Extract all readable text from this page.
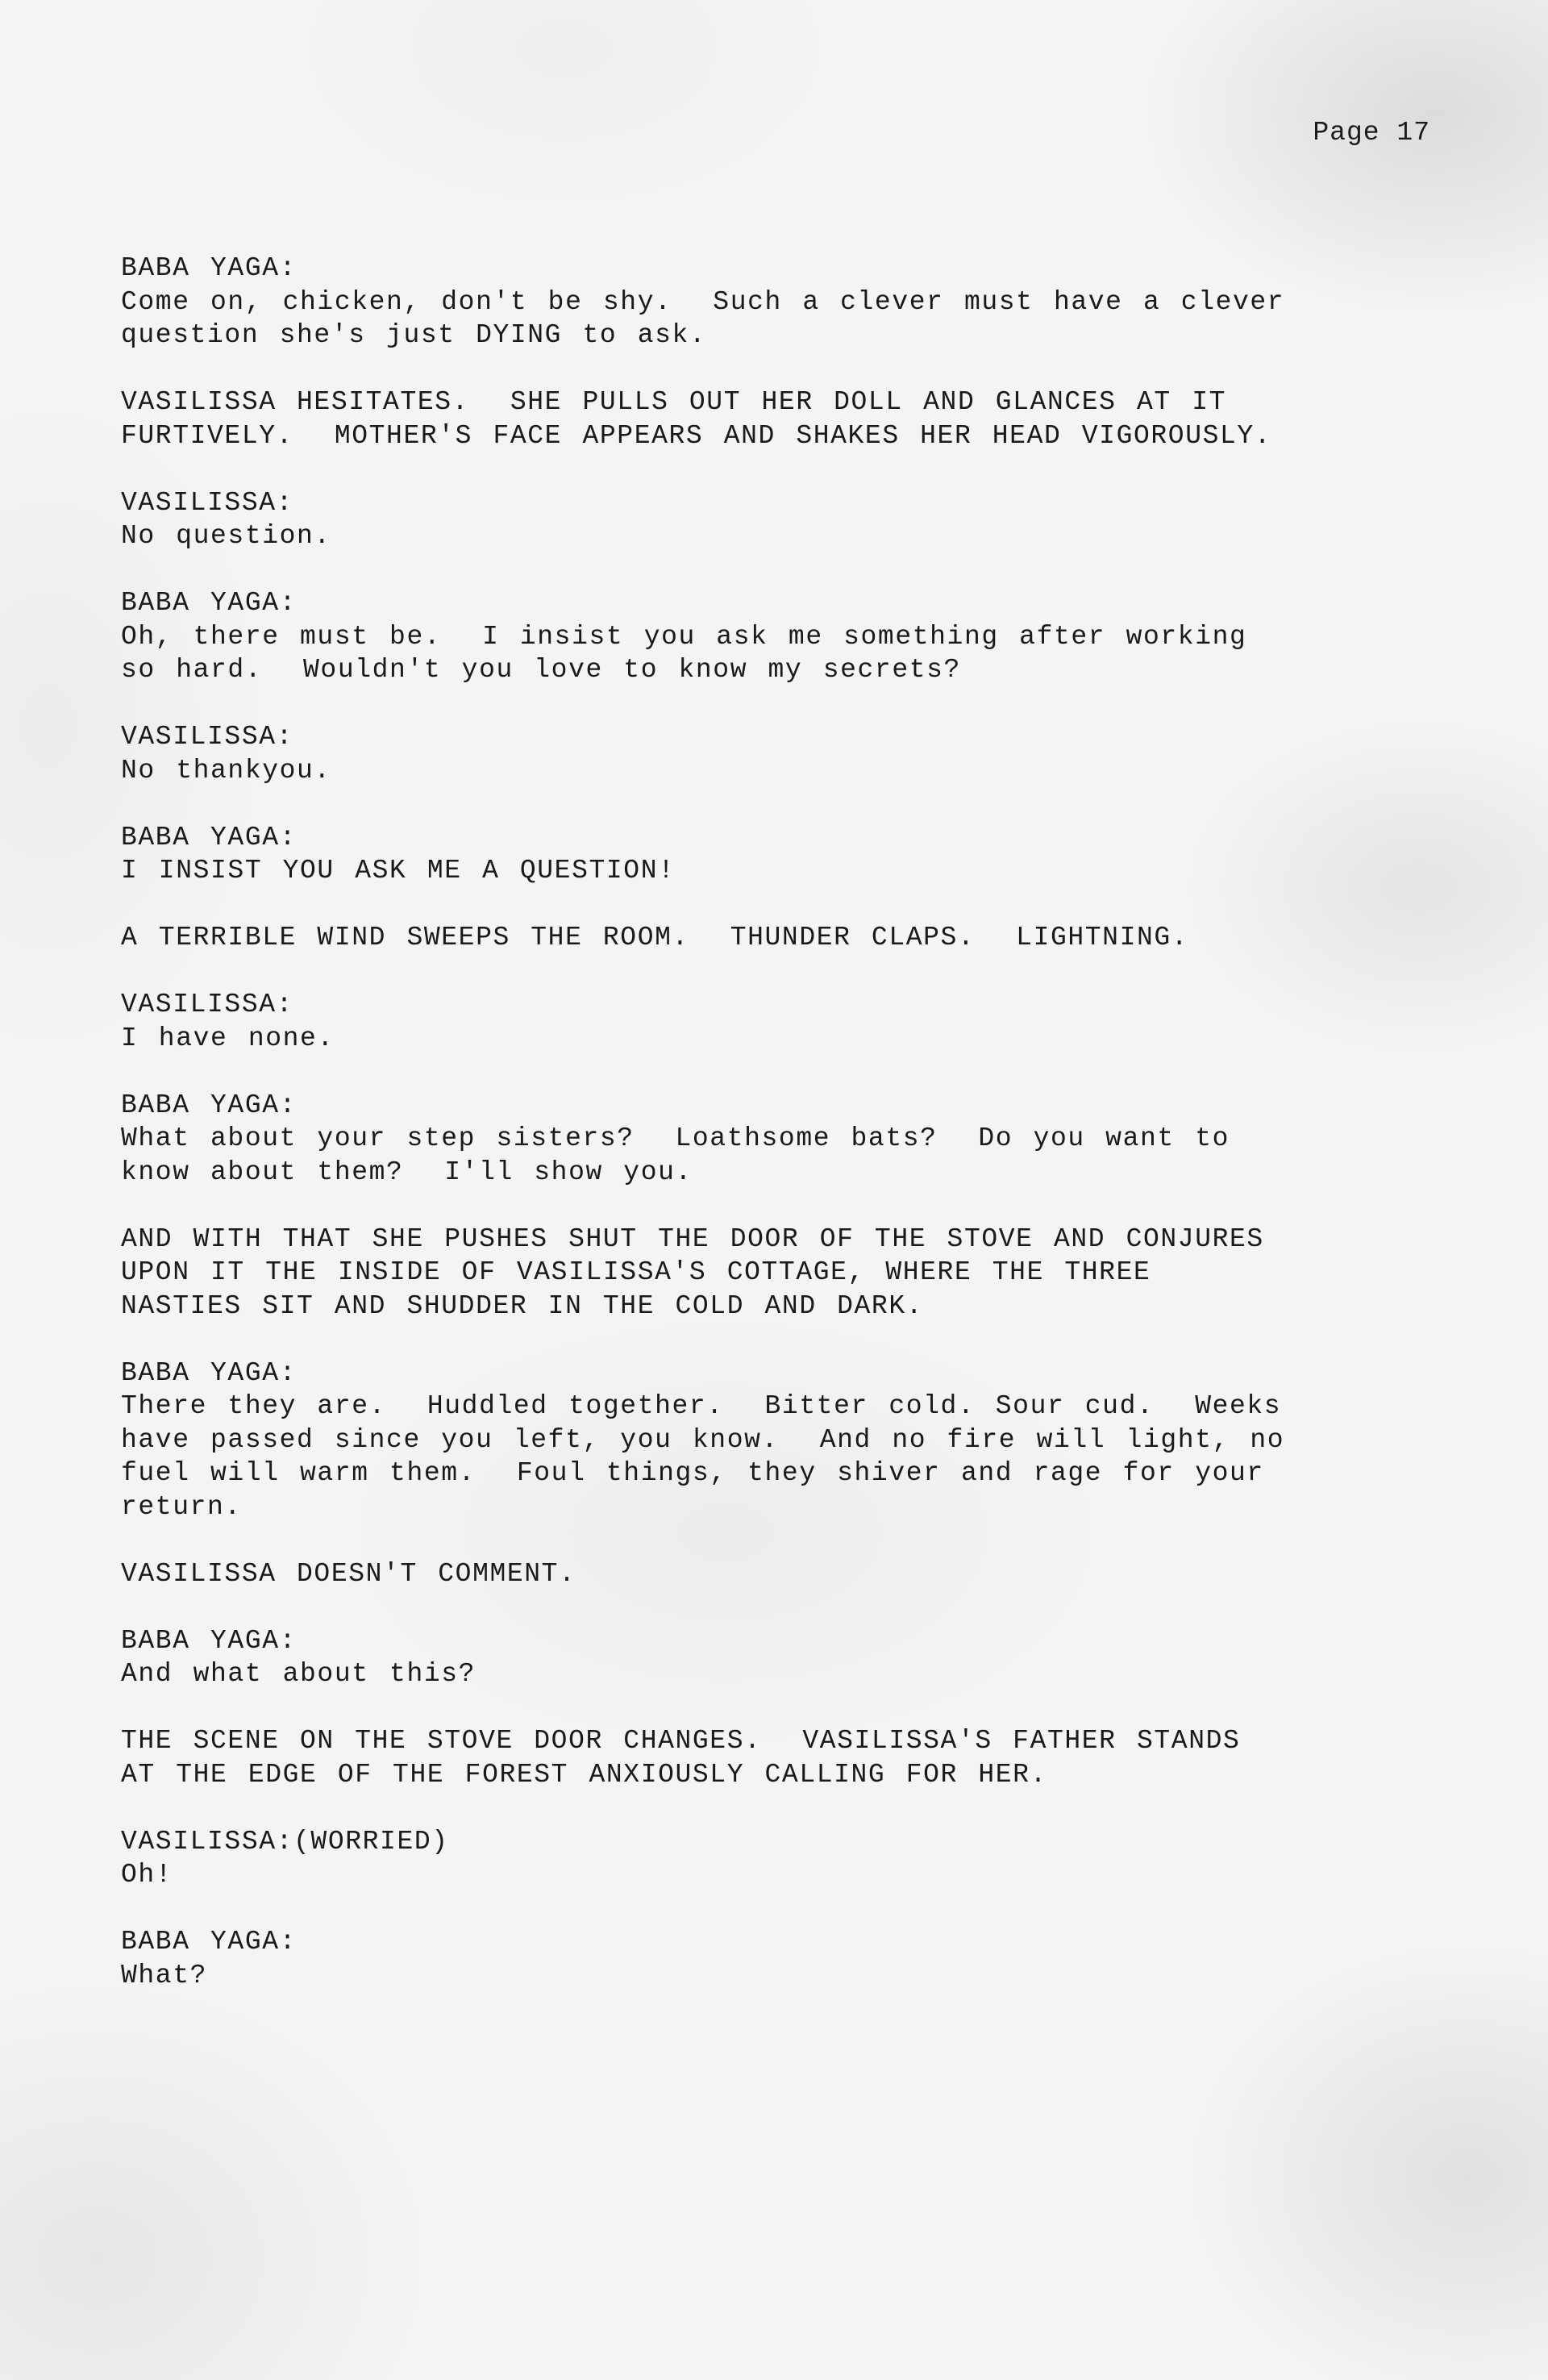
Page 17
BABA YAGA:
Come on, chicken, don't be shy.  Such a clever must have a clever
question she's just DYING to ask.
VASILISSA HESITATES.  SHE PULLS OUT HER DOLL AND GLANCES AT IT
FURTIVELY.  MOTHER'S FACE APPEARS AND SHAKES HER HEAD VIGOROUSLY.
VASILISSA:
No question.
BABA YAGA:
Oh, there must be.  I insist you ask me something after working
so hard.  Wouldn't you love to know my secrets?
VASILISSA:
No thankyou.
BABA YAGA:
I INSIST YOU ASK ME A QUESTION!
A TERRIBLE WIND SWEEPS THE ROOM.  THUNDER CLAPS.  LIGHTNING.
VASILISSA:
I have none.
BABA YAGA:
What about your step sisters?  Loathsome bats?  Do you want to
know about them?  I'll show you.
AND WITH THAT SHE PUSHES SHUT THE DOOR OF THE STOVE AND CONJURES
UPON IT THE INSIDE OF VASILISSA'S COTTAGE, WHERE THE THREE
NASTIES SIT AND SHUDDER IN THE COLD AND DARK.
BABA YAGA:
There they are.  Huddled together.  Bitter cold. Sour cud.  Weeks
have passed since you left, you know.  And no fire will light, no
fuel will warm them.  Foul things, they shiver and rage for your
return.
VASILISSA DOESN'T COMMENT.
BABA YAGA:
And what about this?
THE SCENE ON THE STOVE DOOR CHANGES.  VASILISSA'S FATHER STANDS
AT THE EDGE OF THE FOREST ANXIOUSLY CALLING FOR HER.
VASILISSA:(WORRIED)
Oh!
BABA YAGA:
What?
